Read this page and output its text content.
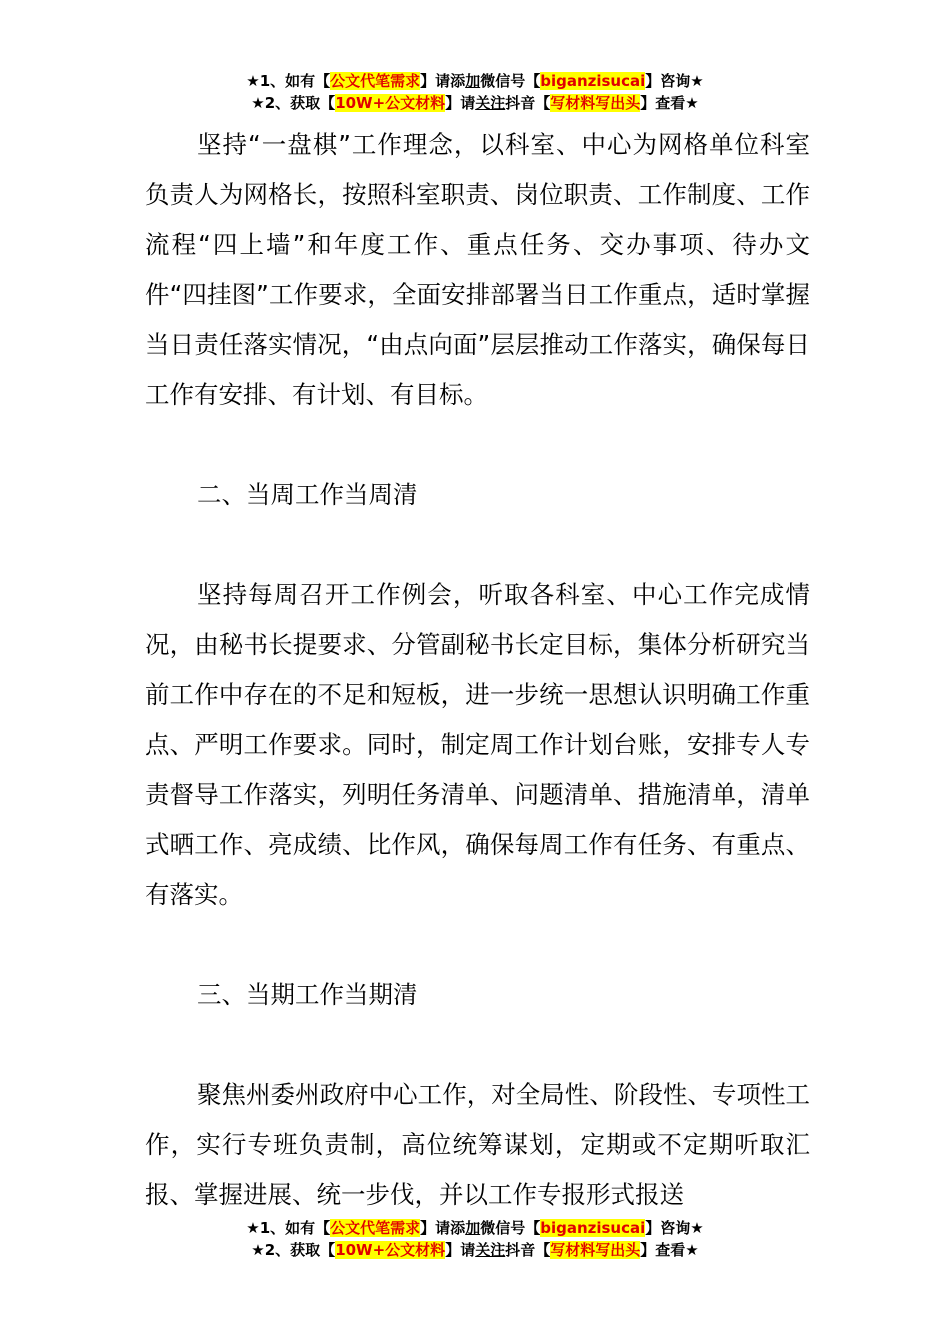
★1、如有【公文代笔需求】请添加微信号【biganzisucai】咨询★
★2、获取【10W+公文材料】请关注抖音【写材料写出头】查看★

坚持“一盘棋”工作理念，以科室、中心为网格单位科室负责人为网格长，按照科室职责、岗位职责、工作制度、工作流程“四上墙”和年度工作、重点任务、交办事项、待办文件“四挂图”工作要求，全面安排部署当日工作重点，适时掌握当日责任落实情况，“由点向面”层层推动工作落实，确保每日工作有安排、有计划、有目标。

二、当周工作当周清

坚持每周召开工作例会，听取各科室、中心工作完成情况，由秘书长提要求、分管副秘书长定目标，集体分析研究当前工作中存在的不足和短板，进一步统一思想认识明确工作重点、严明工作要求。同时，制定周工作计划台账，安排专人专责督导工作落实，列明任务清单、问题清单、措施清单，清单式晒工作、亮成绩、比作风，确保每周工作有任务、有重点、有落实。

三、当期工作当期清

聚焦州委州政府中心工作，对全局性、阶段性、专项性工作，实行专班负责制，高位统筹谋划，定期或不定期听取汇报、掌握进展、统一步伐，并以工作专报形式报送

★1、如有【公文代笔需求】请添加微信号【biganzisucai】咨询★
★2、获取【10W+公文材料】请关注抖音【写材料写出头】查看★
